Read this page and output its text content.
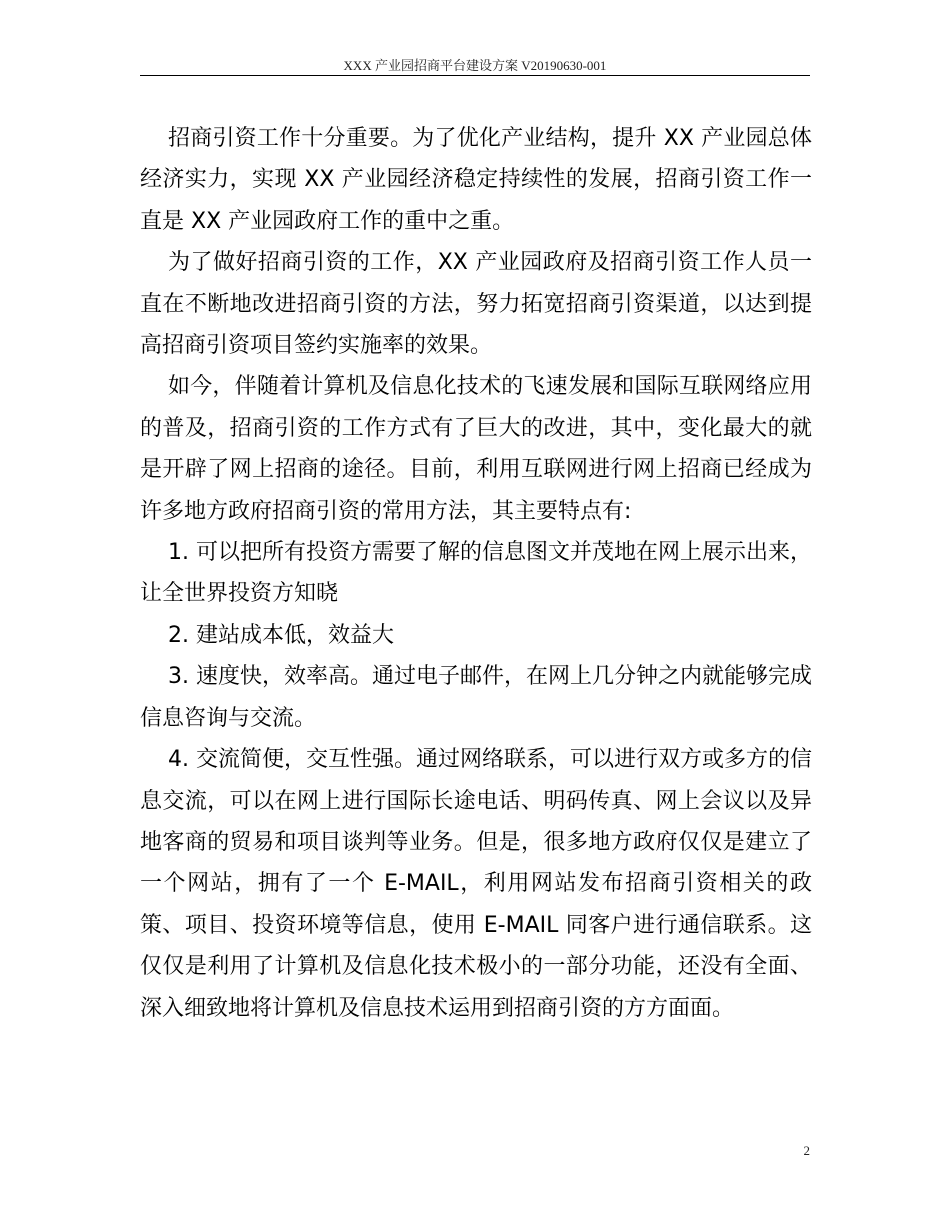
XXX 产业园招商平台建设方案 V20190630-001

招商引资工作十分重要。为了优化产业结构，提升 XX 产业园总体经济实力，实现 XX 产业园经济稳定持续性的发展，招商引资工作一直是 XX 产业园政府工作的重中之重。

为了做好招商引资的工作，XX 产业园政府及招商引资工作人员一直在不断地改进招商引资的方法，努力拓宽招商引资渠道，以达到提高招商引资项目签约实施率的效果。

如今，伴随着计算机及信息化技术的飞速发展和国际互联网络应用的普及，招商引资的工作方式有了巨大的改进，其中，变化最大的就是开辟了网上招商的途径。目前，利用互联网进行网上招商已经成为许多地方政府招商引资的常用方法，其主要特点有:

1. 可以把所有投资方需要了解的信息图文并茂地在网上展示出来，让全世界投资方知晓

2. 建站成本低，效益大

3. 速度快，效率高。通过电子邮件，在网上几分钟之内就能够完成信息咨询与交流。

4. 交流简便，交互性强。通过网络联系，可以进行双方或多方的信息交流，可以在网上进行国际长途电话、明码传真、网上会议以及异地客商的贸易和项目谈判等业务。但是，很多地方政府仅仅是建立了一个网站，拥有了一个 E-MAIL，利用网站发布招商引资相关的政策、项目、投资环境等信息，使用 E-MAIL 同客户进行通信联系。这仅仅是利用了计算机及信息化技术极小的一部分功能，还没有全面、深入细致地将计算机及信息技术运用到招商引资的方方面面。

2
